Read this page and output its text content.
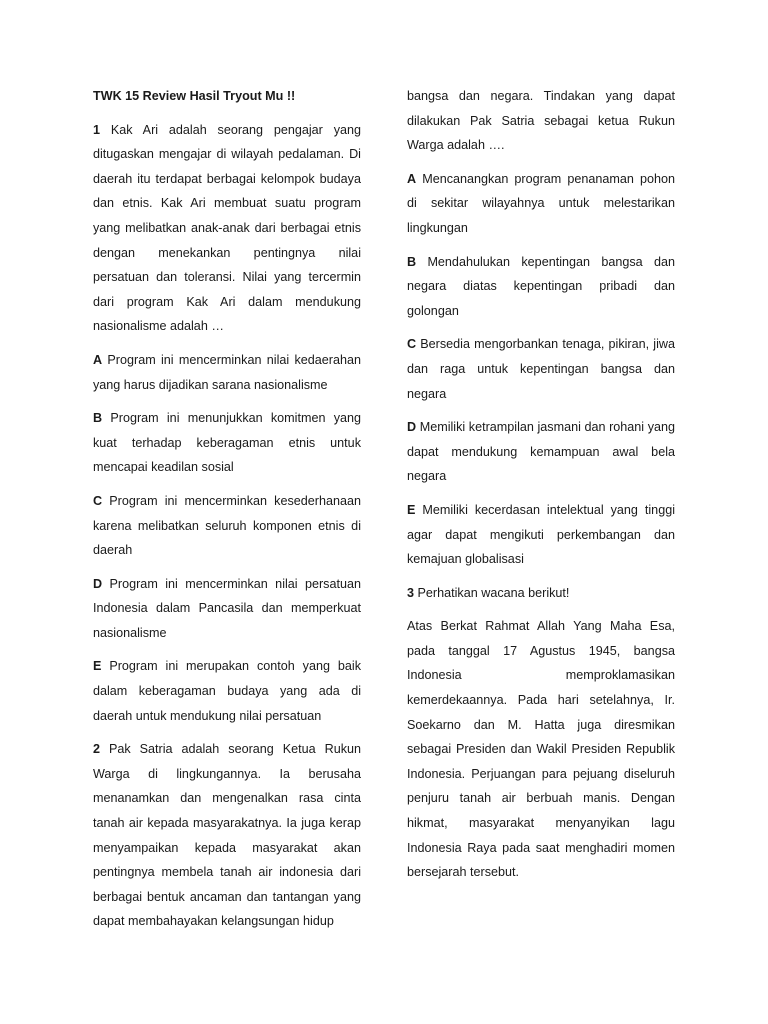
TWK 15 Review Hasil Tryout Mu !!
1 Kak Ari adalah seorang pengajar yang ditugaskan mengajar di wilayah pedalaman. Di daerah itu terdapat berbagai kelompok budaya dan etnis. Kak Ari membuat suatu program yang melibatkan anak-anak dari berbagai etnis dengan menekankan pentingnya nilai persatuan dan toleransi. Nilai yang tercermin dari program Kak Ari dalam mendukung nasionalisme adalah …
A Program ini mencerminkan nilai kedaerahan yang harus dijadikan sarana nasionalisme
B Program ini menunjukkan komitmen yang kuat terhadap keberagaman etnis untuk mencapai keadilan sosial
C Program ini mencerminkan kesederhanaan karena melibatkan seluruh komponen etnis di daerah
D Program ini mencerminkan nilai persatuan Indonesia dalam Pancasila dan memperkuat nasionalisme
E Program ini merupakan contoh yang baik dalam keberagaman budaya yang ada di daerah untuk mendukung nilai persatuan
2 Pak Satria adalah seorang Ketua Rukun Warga di lingkungannya. Ia berusaha menanamkan dan mengenalkan rasa cinta tanah air kepada masyarakatnya. Ia juga kerap menyampaikan kepada masyarakat akan pentingnya membela tanah air indonesia dari berbagai bentuk ancaman dan tantangan yang dapat membahayakan kelangsungan hidup
bangsa dan negara. Tindakan yang dapat dilakukan Pak Satria sebagai ketua Rukun Warga adalah ….
A Mencanangkan program penanaman pohon di sekitar wilayahnya untuk melestarikan lingkungan
B Mendahulukan kepentingan bangsa dan negara diatas kepentingan pribadi dan golongan
C Bersedia mengorbankan tenaga, pikiran, jiwa dan raga untuk kepentingan bangsa dan negara
D Memiliki ketrampilan jasmani dan rohani yang dapat mendukung kemampuan awal bela negara
E Memiliki kecerdasan intelektual yang tinggi agar dapat mengikuti perkembangan dan kemajuan globalisasi
3 Perhatikan wacana berikut!
Atas Berkat Rahmat Allah Yang Maha Esa, pada tanggal 17 Agustus 1945, bangsa Indonesia memproklamasikan kemerdekaannya. Pada hari setelahnya, Ir. Soekarno dan M. Hatta juga diresmikan sebagai Presiden dan Wakil Presiden Republik Indonesia. Perjuangan para pejuang diseluruh penjuru tanah air berbuah manis. Dengan hikmat, masyarakat menyanyikan lagu Indonesia Raya pada saat menghadiri momen bersejarah tersebut.
